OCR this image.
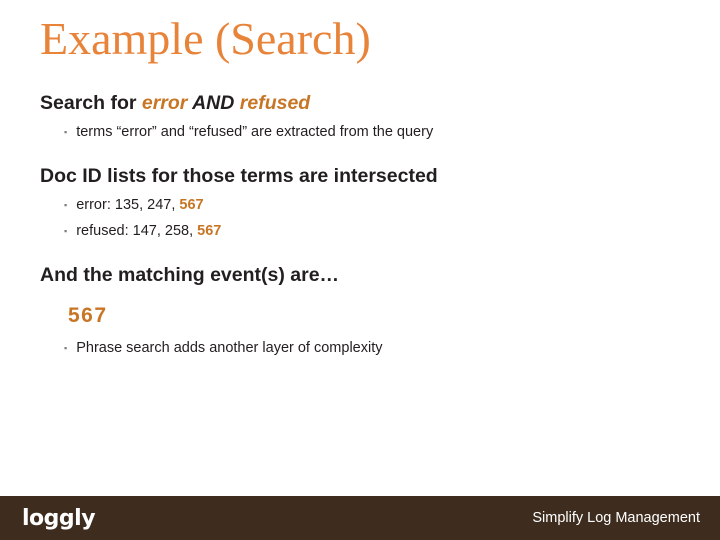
Example (Search)
Search for error AND refused
▪ terms “error” and “refused” are extracted from the query
Doc ID lists for those terms are intersected
▪ error: 135, 247, 567
▪ refused: 147, 258, 567
And the matching event(s) are…
567
▪ Phrase search adds another layer of complexity
loggly	Simplify Log Management
